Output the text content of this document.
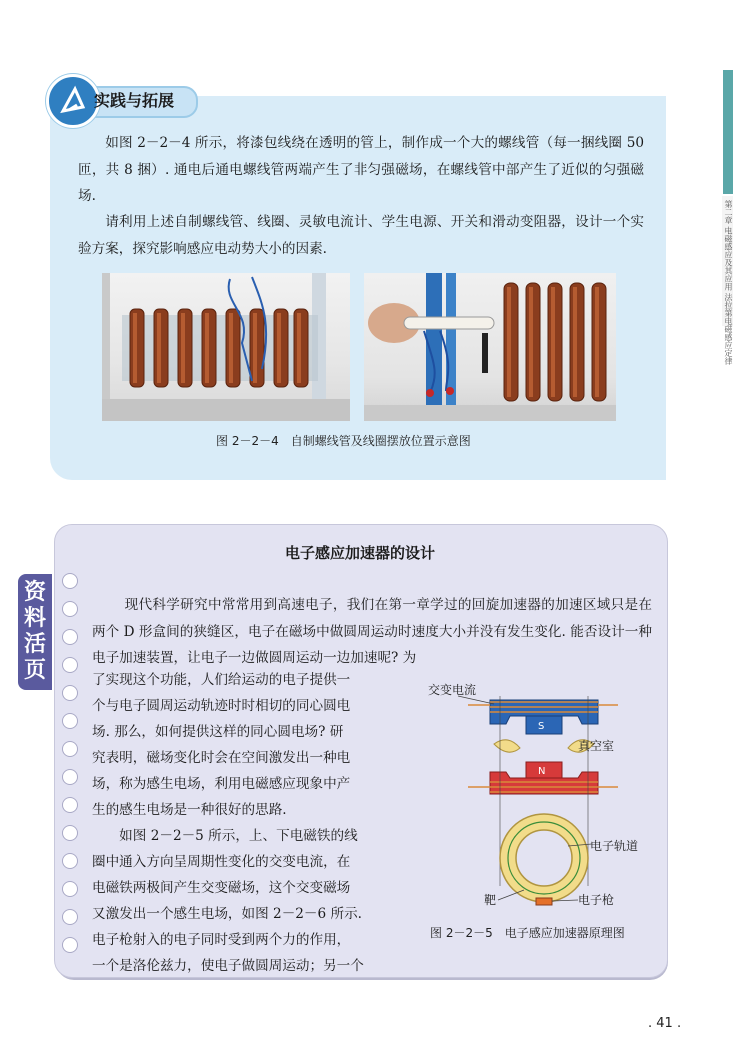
第二章 电磁感应及其应用 法拉第电磁感应定律
实践与拓展
如图 2－2－4 所示，将漆包线绕在透明的管上，制作成一个大的螺线管（每一捆线圈 50 匝，共 8 捆）. 通电后通电螺线管两端产生了非匀强磁场，在螺线管中部产生了近似的匀强磁场.
请利用上述自制螺线管、线圈、灵敏电流计、学生电源、开关和滑动变阻器，设计一个实验方案，探究影响感应电动势大小的因素.
图 2－2－4　自制螺线管及线圈摆放位置示意图
资料活页
电子感应加速器的设计
现代科学研究中常常用到高速电子，我们在第一章学过的回旋加速器的加速区域只是在两个 D 形盒间的狭缝区，电子在磁场中做圆周运动时速度大小并没有发生变化. 能否设计一种电子加速装置，让电子一边做圆周运动一边加速呢? 为
了实现这个功能，人们给运动的电子提供一
个与电子圆周运动轨迹时时相切的同心圆电
场. 那么，如何提供这样的同心圆电场? 研
究表明，磁场变化时会在空间激发出一种电
场，称为感生电场，利用电磁感应现象中产
生的感生电场是一种很好的思路.
　　如图 2－2－5 所示，上、下电磁铁的线
圈中通入方向呈周期性变化的交变电流，在
电磁铁两极间产生交变磁场，这个交变磁场
又激发出一个感生电场，如图 2－2－6 所示.
电子枪射入的电子同时受到两个力的作用，
一个是洛伦兹力，使电子做圆周运动；另一个
交变电流
S
真空室
N
电子轨道
靶	电子枪
图 2－2－5　电子感应加速器原理图
. 41 .
